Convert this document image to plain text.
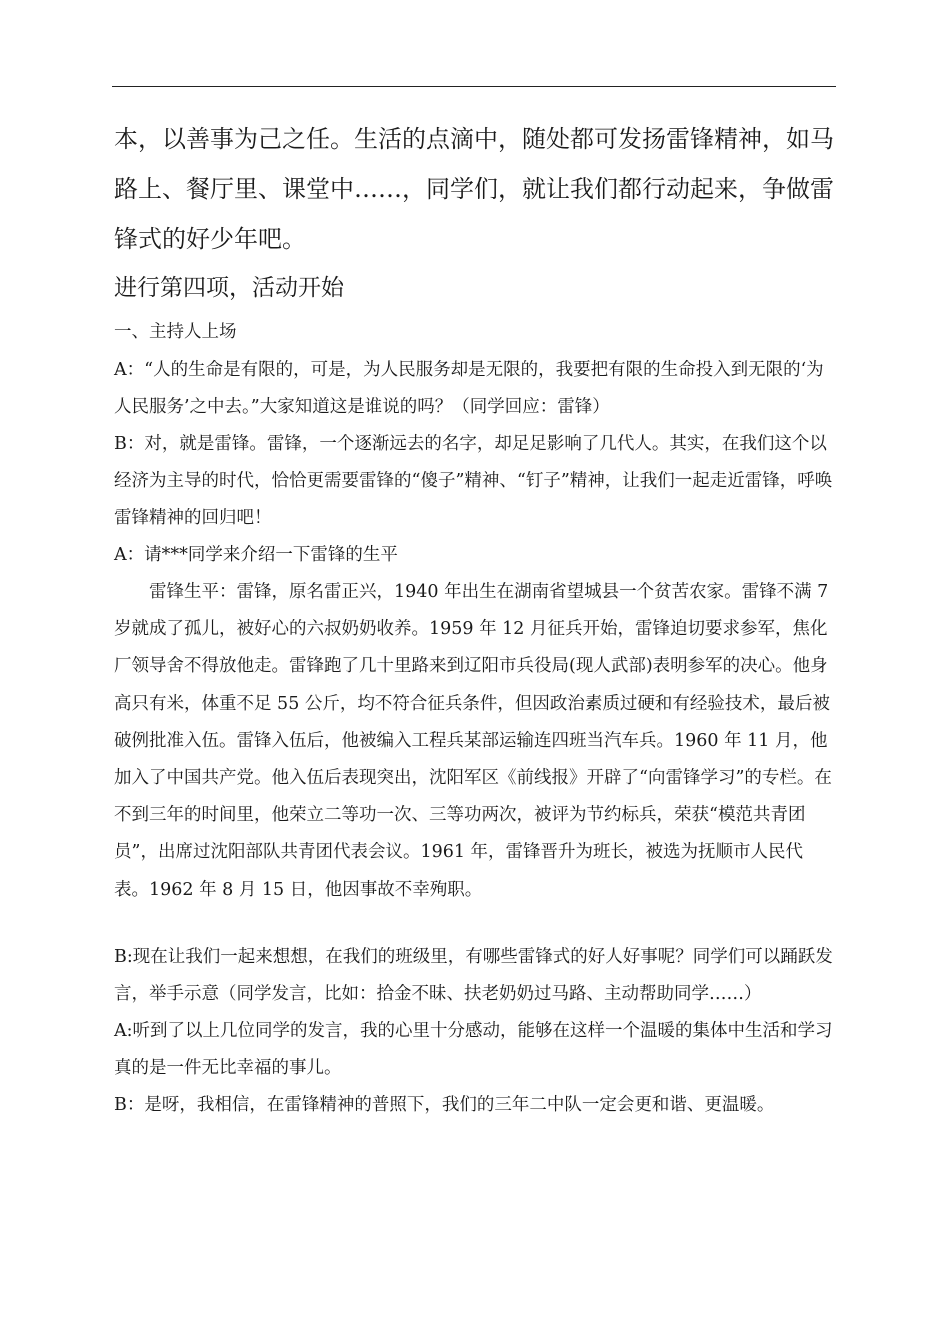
本，以善事为己之任。生活的点滴中，随处都可发扬雷锋精神，如马路上、餐厅里、课堂中……，同学们，就让我们都行动起来，争做雷锋式的好少年吧。

进行第四项，活动开始

一、主持人上场

A：“人的生命是有限的，可是，为人民服务却是无限的，我要把有限的生命投入到无限的‘为人民服务’之中去。”大家知道这是谁说的吗？（同学回应：雷锋）

B：对，就是雷锋。雷锋，一个逐渐远去的名字，却足足影响了几代人。其实，在我们这个以经济为主导的时代，恰恰更需要雷锋的“傻子”精神、“钉子”精神，让我们一起走近雷锋，呼唤雷锋精神的回归吧！

A：请***同学来介绍一下雷锋的生平

雷锋生平：雷锋，原名雷正兴，1940 年出生在湖南省望城县一个贫苦农家。雷锋不满 7 岁就成了孤儿，被好心的六叔奶奶收养。1959 年 12 月征兵开始，雷锋迫切要求参军，焦化厂领导舍不得放他走。雷锋跑了几十里路来到辽阳市兵役局(现人武部)表明参军的决心。他身高只有米，体重不足 55 公斤，均不符合征兵条件，但因政治素质过硬和有经验技术，最后被破例批准入伍。雷锋入伍后，他被编入工程兵某部运输连四班当汽车兵。1960 年 11 月，他加入了中国共产党。他入伍后表现突出，沈阳军区《前线报》开辟了“向雷锋学习”的专栏。在不到三年的时间里，他荣立二等功一次、三等功两次，被评为节约标兵，荣获“模范共青团员”，出席过沈阳部队共青团代表会议。1961 年，雷锋晋升为班长，被选为抚顺市人民代表。1962 年 8 月 15 日，他因事故不幸殉职。

B:现在让我们一起来想想，在我们的班级里，有哪些雷锋式的好人好事呢？同学们可以踊跃发言，举手示意（同学发言，比如：拾金不昧、扶老奶奶过马路、主动帮助同学……）

A:听到了以上几位同学的发言，我的心里十分感动，能够在这样一个温暖的集体中生活和学习真的是一件无比幸福的事儿。

B：是呀，我相信，在雷锋精神的普照下，我们的三年二中队一定会更和谐、更温暖。
